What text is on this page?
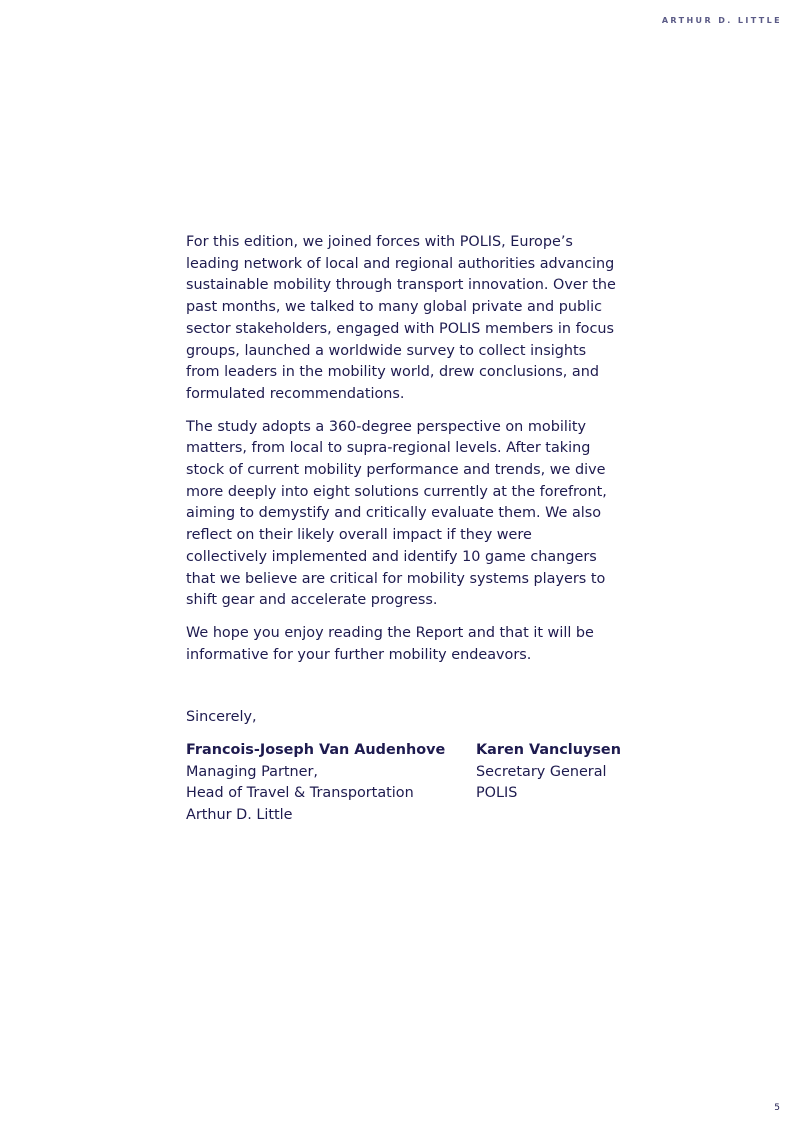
ARTHUR D. LITTLE

For this edition, we joined forces with POLIS, Europe’s leading network of local and regional authorities advancing sustainable mobility through transport innovation. Over the past months, we talked to many global private and public sector stakeholders, engaged with POLIS members in focus groups, launched a worldwide survey to collect insights from leaders in the mobility world, drew conclusions, and formulated recommendations.

The study adopts a 360-degree perspective on mobility matters, from local to supra-regional levels. After taking stock of current mobility performance and trends, we dive more deeply into eight solutions currently at the forefront, aiming to demystify and critically evaluate them. We also reflect on their likely overall impact if they were collectively implemented and identify 10 game changers that we believe are critical for mobility systems players to shift gear and accelerate progress.

We hope you enjoy reading the Report and that it will be informative for your further mobility endeavors.

Sincerely,
Francois-Joseph Van Audenhove
Managing Partner,
Head of Travel & Transportation
Arthur D. Little
Karen Vancluysen
Secretary General
POLIS
5
